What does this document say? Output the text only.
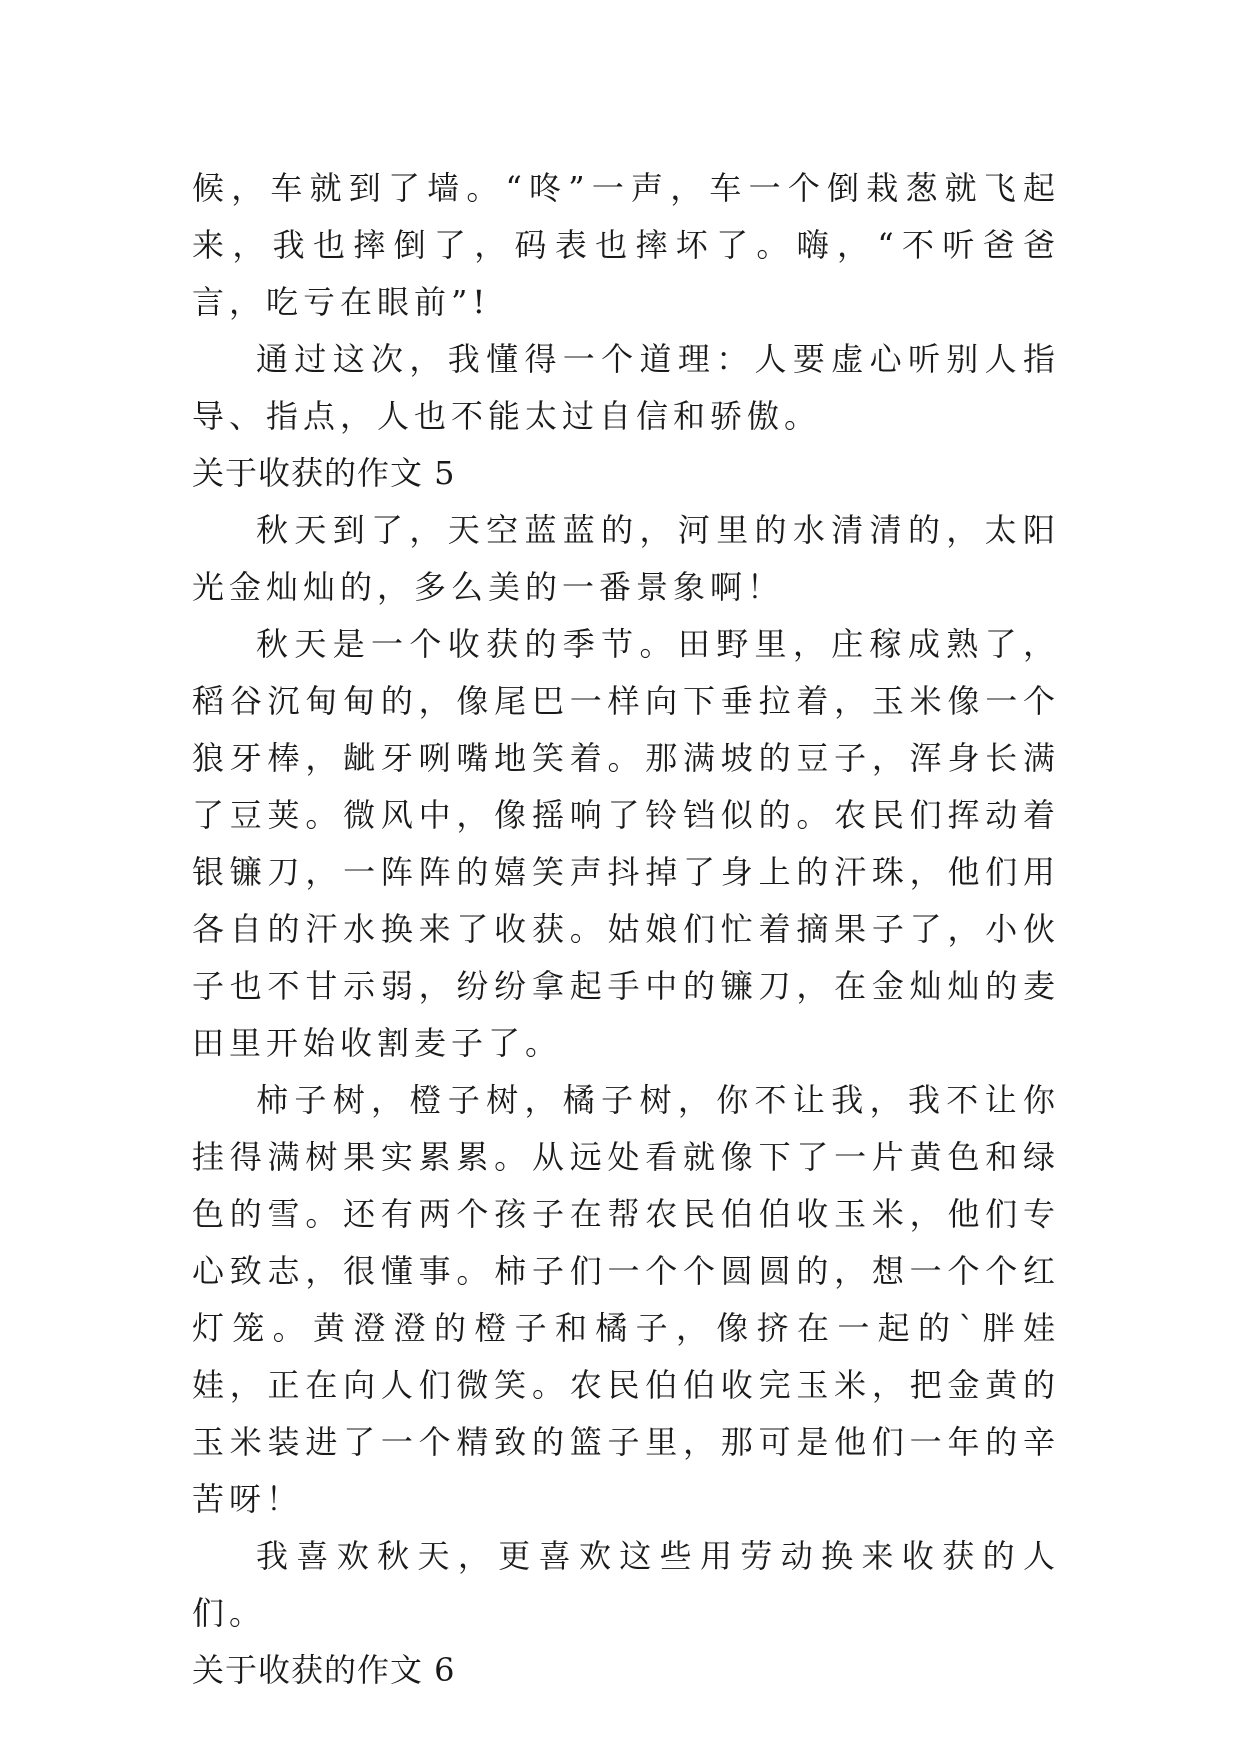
候，车就到了墙。“咚”一声，车一个倒栽葱就飞起来，我也摔倒了，码表也摔坏了。嗨，“不听爸爸言，吃亏在眼前”!

通过这次，我懂得一个道理：人要虚心听别人指导、指点，人也不能太过自信和骄傲。

关于收获的作文 5

秋天到了，天空蓝蓝的，河里的水清清的，太阳光金灿灿的，多么美的一番景象啊！

秋天是一个收获的季节。田野里，庄稼成熟了，稻谷沉甸甸的，像尾巴一样向下垂拉着，玉米像一个狼牙棒，龇牙咧嘴地笑着。那满坡的豆子，浑身长满了豆荚。微风中，像摇响了铃铛似的。农民们挥动着银镰刀，一阵阵的嬉笑声抖掉了身上的汗珠，他们用各自的汗水换来了收获。姑娘们忙着摘果子了，小伙子也不甘示弱，纷纷拿起手中的镰刀，在金灿灿的麦田里开始收割麦子了。

柿子树，橙子树，橘子树，你不让我，我不让你挂得满树果实累累。从远处看就像下了一片黄色和绿色的雪。还有两个孩子在帮农民伯伯收玉米，他们专心致志，很懂事。柿子们一个个圆圆的，想一个个红灯笼。黄澄澄的橙子和橘子，像挤在一起的`胖娃娃，正在向人们微笑。农民伯伯收完玉米，把金黄的玉米装进了一个精致的篮子里，那可是他们一年的辛苦呀！

我喜欢秋天，更喜欢这些用劳动换来收获的人们。

关于收获的作文 6
